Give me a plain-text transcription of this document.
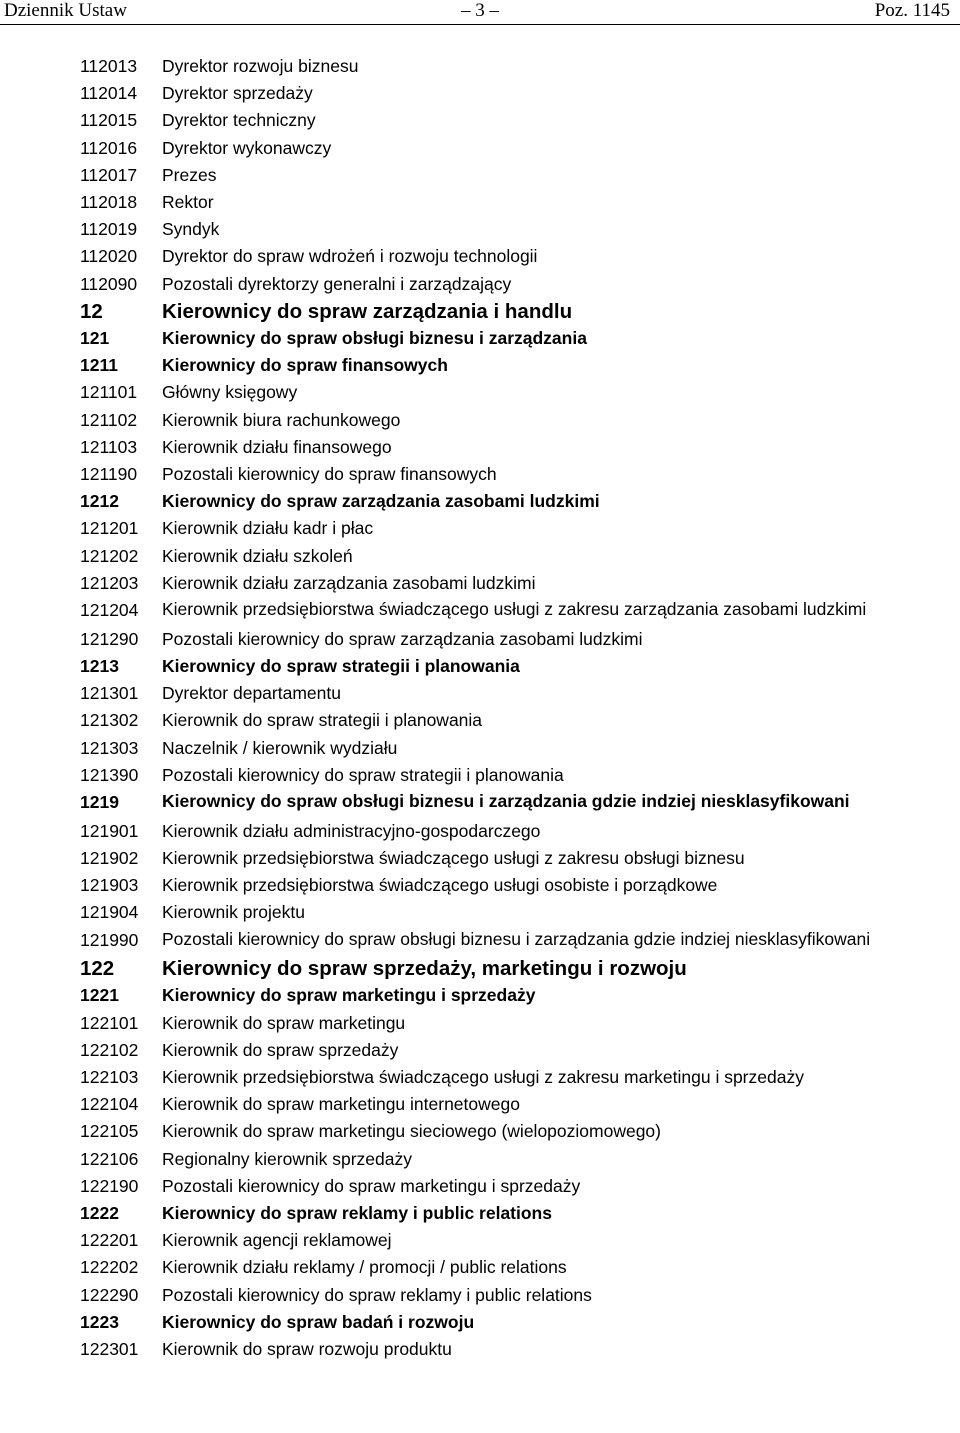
Dziennik Ustaw	– 3 –	Poz. 1145
112013	Dyrektor rozwoju biznesu
112014	Dyrektor sprzedaży
112015	Dyrektor techniczny
112016	Dyrektor wykonawczy
112017	Prezes
112018	Rektor
112019	Syndyk
112020	Dyrektor do spraw wdrożeń i rozwoju technologii
112090	Pozostali dyrektorzy generalni i zarządzający
12	Kierownicy do spraw zarządzania i handlu
121	Kierownicy do spraw obsługi biznesu i zarządzania
1211	Kierownicy do spraw finansowych
121101	Główny księgowy
121102	Kierownik biura rachunkowego
121103	Kierownik działu finansowego
121190	Pozostali kierownicy do spraw finansowych
1212	Kierownicy do spraw zarządzania zasobami ludzkimi
121201	Kierownik działu kadr i płac
121202	Kierownik działu szkoleń
121203	Kierownik działu zarządzania zasobami ludzkimi
121204	Kierownik przedsiębiorstwa świadczącego usługi z zakresu zarządzania zasobami ludzkimi
121290	Pozostali kierownicy do spraw zarządzania zasobami ludzkimi
1213	Kierownicy do spraw strategii i planowania
121301	Dyrektor departamentu
121302	Kierownik do spraw strategii i planowania
121303	Naczelnik / kierownik wydziału
121390	Pozostali kierownicy do spraw strategii i planowania
1219	Kierownicy do spraw obsługi biznesu i zarządzania gdzie indziej niesklasyfikowani
121901	Kierownik działu administracyjno-gospodarczego
121902	Kierownik przedsiębiorstwa świadczącego usługi z zakresu obsługi biznesu
121903	Kierownik przedsiębiorstwa świadczącego usługi osobiste i porządkowe
121904	Kierownik projektu
121990	Pozostali kierownicy do spraw obsługi biznesu i zarządzania gdzie indziej niesklasyfikowani
122	Kierownicy do spraw sprzedaży, marketingu i rozwoju
1221	Kierownicy do spraw marketingu i sprzedaży
122101	Kierownik do spraw marketingu
122102	Kierownik do spraw sprzedaży
122103	Kierownik przedsiębiorstwa świadczącego usługi z zakresu marketingu i sprzedaży
122104	Kierownik do spraw marketingu internetowego
122105	Kierownik do spraw marketingu sieciowego (wielopoziomowego)
122106	Regionalny kierownik sprzedaży
122190	Pozostali kierownicy do spraw marketingu i sprzedaży
1222	Kierownicy do spraw reklamy i public relations
122201	Kierownik agencji reklamowej
122202	Kierownik działu reklamy / promocji / public relations
122290	Pozostali kierownicy do spraw reklamy i public relations
1223	Kierownicy do spraw badań i rozwoju
122301	Kierownik do spraw rozwoju produktu
